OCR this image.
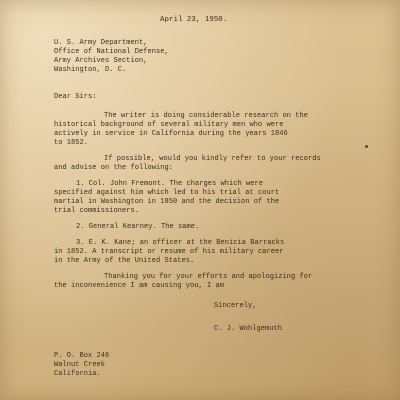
April 23, 1950.
U. S. Army Department,
Office of National Defense,
Army Archives Section,
Washington, D. C.
Dear Sirs:
The writer is doing considerable research on the
historical background of several military men who were
actively in service in California during the years 1846
to 1852.
If possible, would you kindly refer to your records
and advise on the following:
1. Col. John Fremont. The charges which were
specified against him which led to his trial at court
martial in Washington in 1850 and the decision of the
trial commissioners.
2. General Kearney. The same.
3. E. K. Kane; an officer at the Benicia Barracks
in 1852. A transcript or resume of his military career
in the Army of the United States.
Thanking you for your efforts and apologizing for
the inconvenience I am causing you, I am
Sincerely,
C. J. Wohlgemuth
P. O. Box 246
Walnut Creek
California.
